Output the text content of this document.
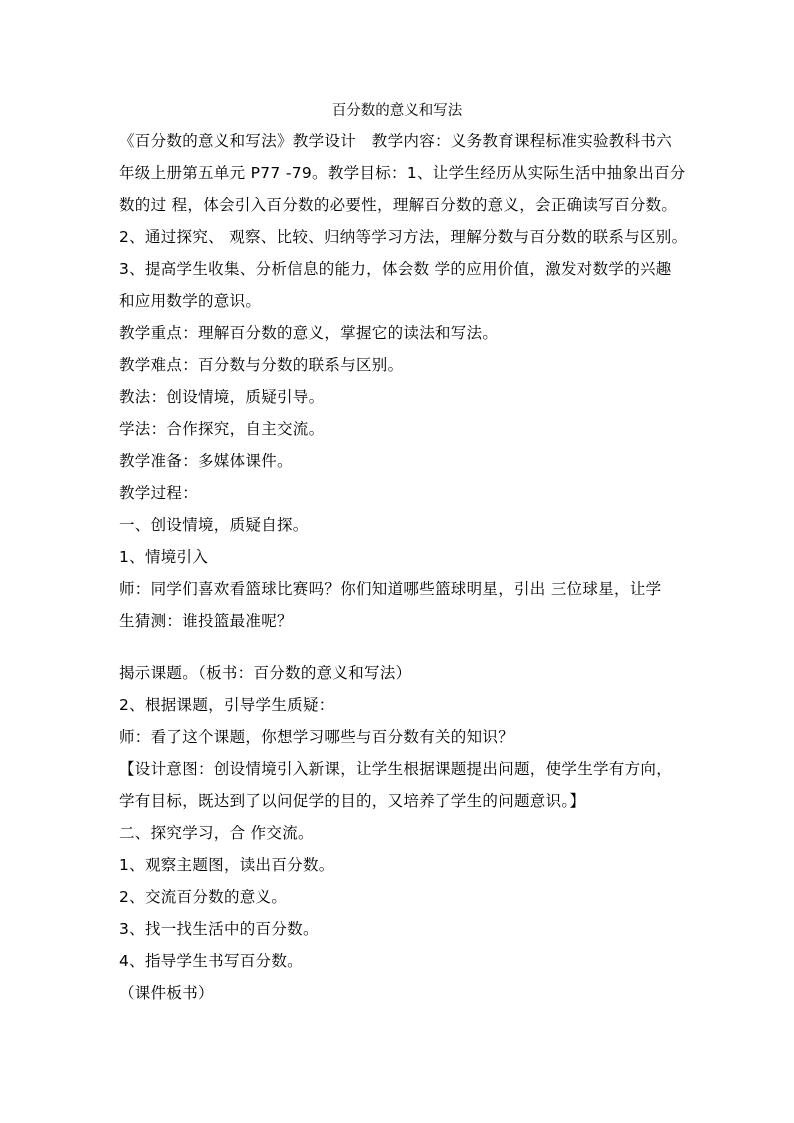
百分数的意义和写法
《百分数的意义和写法》教学设计　教学内容：义务教育课程标准实验教科书六
年级上册第五单元 P77 -79。教学目标：1、让学生经历从实际生活中抽象出百分
数的过 程，体会引入百分数的必要性，理解百分数的意义，会正确读写百分数。
2、通过探究、 观察、比较、归纳等学习方法，理解分数与百分数的联系与区别。
3、提高学生收集、分析信息的能力，体会数 学的应用价值，激发对数学的兴趣
和应用数学的意识。
教学重点：理解百分数的意义，掌握它的读法和写法。
教学难点：百分数与分数的联系与区别。
教法：创设情境，质疑引导。
学法：合作探究，自主交流。
教学准备：多媒体课件。
教学过程：
一、创设情境，质疑自探。
1、情境引入
师：同学们喜欢看篮球比赛吗？你们知道哪些篮球明星，引出 三位球星，让学
生猜测：谁投篮最准呢？
揭示课题。（板书：百分数的意义和写法）
2、根据课题，引导学生质疑：
师：看了这个课题，你想学习哪些与百分数有关的知识？
【设计意图：创设情境引入新课，让学生根据课题提出问题，使学生学有方向，
学有目标，既达到了以问促学的目的，又培养了学生的问题意识。】
二、探究学习，合 作交流。
1、观察主题图，读出百分数。
2、交流百分数的意义。
3、找一找生活中的百分数。
4、指导学生书写百分数。
（课件板书）
